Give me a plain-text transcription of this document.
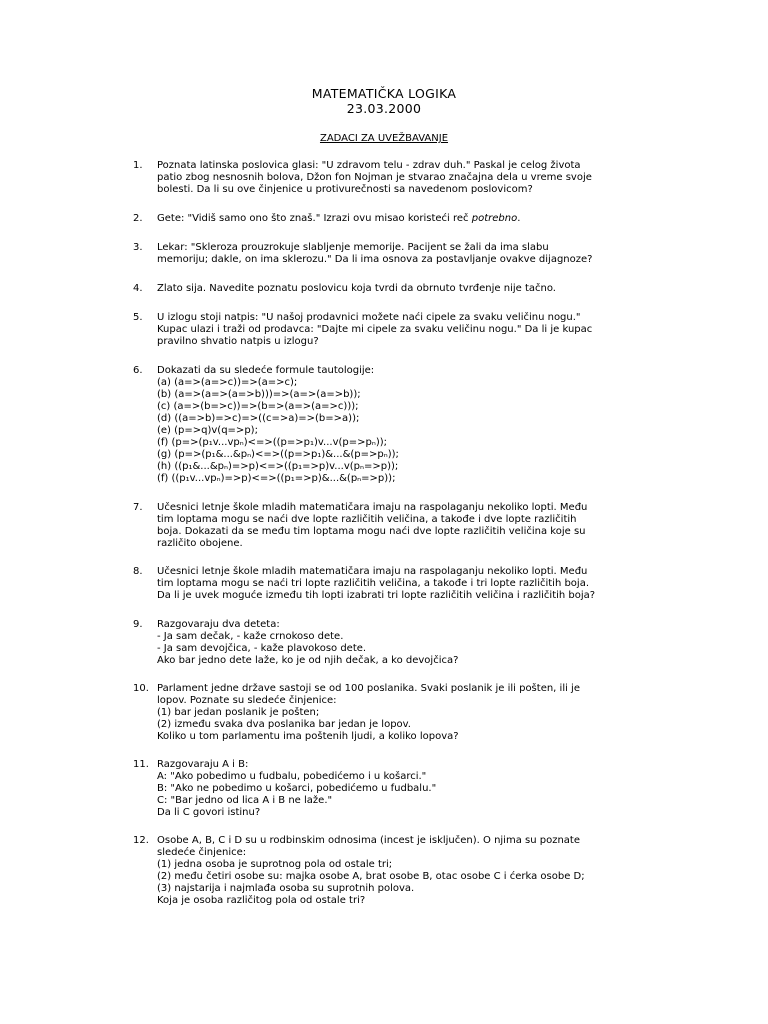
MATEMATIČKA LOGIKA
23.03.2000
ZADACI ZA UVEŽBAVANJE
1.	Poznata latinska poslovica glasi: "U zdravom telu - zdrav duh." Paskal je celog života
patio zbog nesnosnih bolova, Džon fon Nojman je stvarao značajna dela u vreme svoje
bolesti. Da li su ove činjenice u protivurečnosti sa navedenom poslovicom?
2.	Gete: "Vidiš samo ono što znaš." Izrazi ovu misao koristeći reč potrebno.
3.	Lekar: "Skleroza prouzrokuje slabljenje memorije. Pacijent se žali da ima slabu
memoriju; dakle, on ima sklerozu." Da li ima osnova za postavljanje ovakve dijagnoze?
4.	Zlato sija. Navedite poznatu poslovicu koja tvrdi da obrnuto tvrđenje nije tačno.
5.	U izlogu stoji natpis: "U našoj prodavnici možete naći cipele za svaku veličinu nogu."
Kupac ulazi i traži od prodavca: "Dajte mi cipele za svaku veličinu nogu." Da li je kupac
pravilno shvatio natpis u izlogu?
6.	Dokazati da su sledeće formule tautologije:
(a) (a=>(a=>c))=>(a=>c);
(b) (a=>(a=>(a=>b)))=>(a=>(a=>b));
(c) (a=>(b=>c))=>(b=>(a=>(a=>c)));
(d) ((a=>b)=>c)=>((c=>a)=>(b=>a));
(e) (p=>q)v(q=>p);
(f) (p=>(p₁v...vpₙ)<=>((p=>p₁)v...v(p=>pₙ));
(g) (p=>(p₁&...&pₙ)<=>((p=>p₁)&...&(p=>pₙ));
(h) ((p₁&...&pₙ)=>p)<=>((p₁=>p)v...v(pₙ=>p));
(f) ((p₁v...vpₙ)=>p)<=>((p₁=>p)&...&(pₙ=>p));
7.	Učesnici letnje škole mladih matematičara imaju na raspolaganju nekoliko lopti. Među
tim loptama mogu se naći dve lopte različitih veličina, a takođe i dve lopte različitih
boja. Dokazati da se među tim loptama mogu naći dve lopte različitih veličina koje su
različito obojene.
8.	Učesnici letnje škole mladih matematičara imaju na raspolaganju nekoliko lopti. Među
tim loptama mogu se naći tri lopte različitih veličina, a takođe i tri lopte različitih boja.
Da li je uvek moguće između tih lopti izabrati tri lopte različitih veličina i različitih boja?
9.	Razgovaraju dva deteta:
- Ja sam dečak, - kaže crnokoso dete.
- Ja sam devojčica, - kaže plavokoso dete.
Ako bar jedno dete laže, ko je od njih dečak, a ko devojčica?
10. Parlament jedne države sastoji se od 100 poslanika. Svaki poslanik je ili pošten, ili je
lopov. Poznate su sledeće činjenice:
(1) bar jedan poslanik je pošten;
(2) između svaka dva poslanika bar jedan je lopov.
Koliko u tom parlamentu ima poštenih ljudi, a koliko lopova?
11. Razgovaraju A i B:
A: "Ako pobedimo u fudbalu, pobedićemo i u košarci."
B: "Ako ne pobedimo u košarci, pobedićemo u fudbalu."
C: "Bar jedno od lica A i B ne laže."
Da li C govori istinu?
12. Osobe A, B, C i D su u rodbinskim odnosima (incest je isključen). O njima su poznate
sledeće činjenice:
(1) jedna osoba je suprotnog pola od ostale tri;
(2) među četiri osobe su: majka osobe A, brat osobe B, otac osobe C i ćerka osobe D;
(3) najstarija i najmlađa osoba su suprotnih polova.
Koja je osoba različitog pola od ostale tri?
